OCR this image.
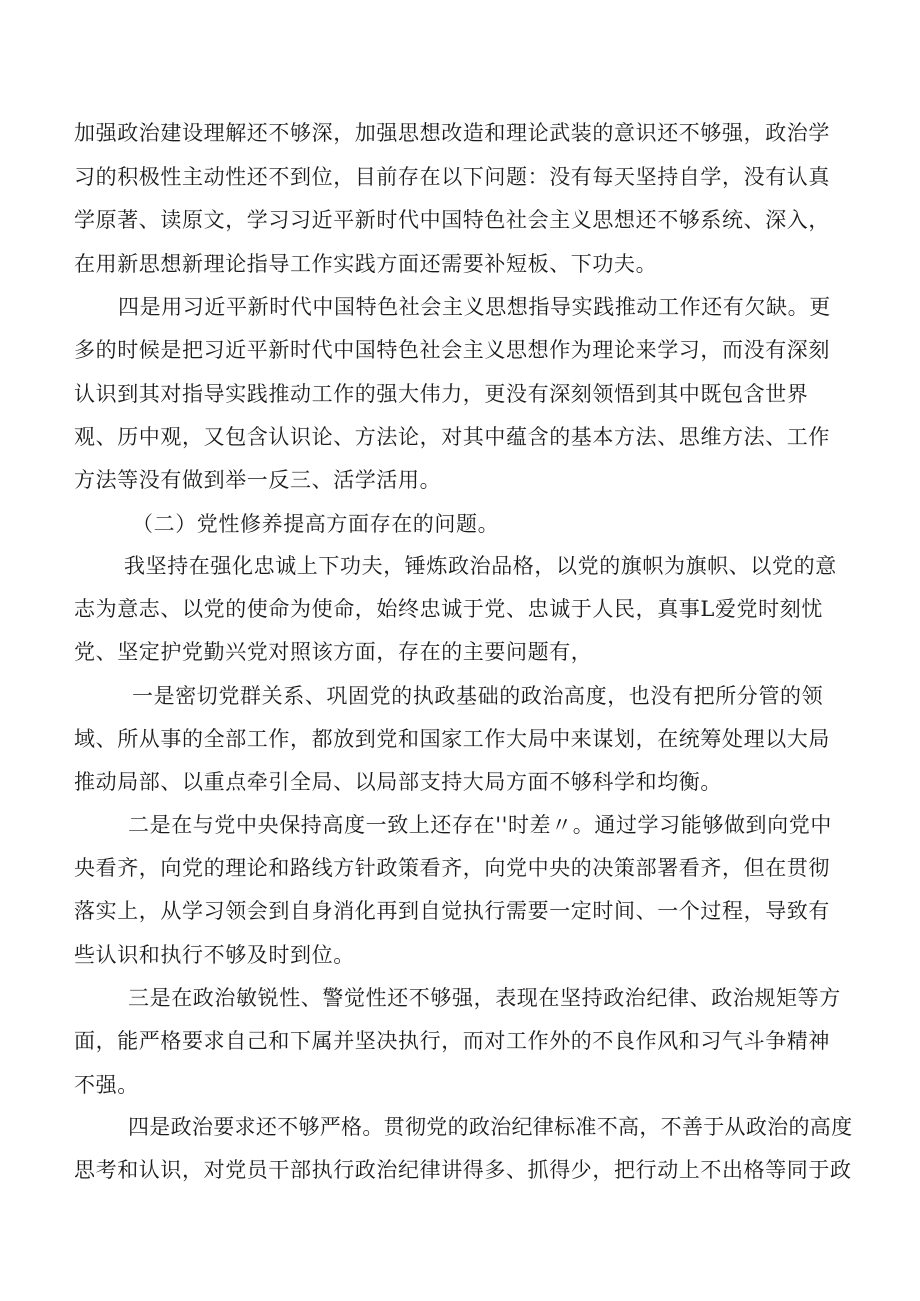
加强政治建设理解还不够深，加强思想改造和理论武装的意识还不够强，政治学
习的积极性主动性还不到位，目前存在以下问题：没有每天坚持自学，没有认真
学原著、读原文，学习习近平新时代中国特色社会主义思想还不够系统、深入，
在用新思想新理论指导工作实践方面还需要补短板、下功夫。
四是用习近平新时代中国特色社会主义思想指导实践推动工作还有欠缺。更
多的时候是把习近平新时代中国特色社会主义思想作为理论来学习，而没有深刻
认识到其对指导实践推动工作的强大伟力，更没有深刻领悟到其中既包含世界
观、历中观，又包含认识论、方法论，对其中蕴含的基本方法、思维方法、工作
方法等没有做到举一反三、活学活用。
（二）党性修养提高方面存在的问题。
我坚持在强化忠诚上下功夫，锤炼政治品格，以党的旗帜为旗帜、以党的意
志为意志、以党的使命为使命，始终忠诚于党、忠诚于人民，真事L爱党时刻忧
党、坚定护党勤兴党对照该方面，存在的主要问题有，
一是密切党群关系、巩固党的执政基础的政治高度，也没有把所分管的领
域、所从事的全部工作，都放到党和国家工作大局中来谋划，在统筹处理以大局
推动局部、以重点牵引全局、以局部支持大局方面不够科学和均衡。
二是在与党中央保持高度一致上还存在''时差〃。通过学习能够做到向党中
央看齐，向党的理论和路线方针政策看齐，向党中央的决策部署看齐，但在贯彻
落实上，从学习领会到自身消化再到自觉执行需要一定时间、一个过程，导致有
些认识和执行不够及时到位。
三是在政治敏锐性、警觉性还不够强，表现在坚持政治纪律、政治规矩等方
面，能严格要求自己和下属并坚决执行，而对工作外的不良作风和习气斗争精神
不强。
四是政治要求还不够严格。贯彻党的政治纪律标准不高，不善于从政治的高度
思考和认识，对党员干部执行政治纪律讲得多、抓得少，把行动上不出格等同于政
